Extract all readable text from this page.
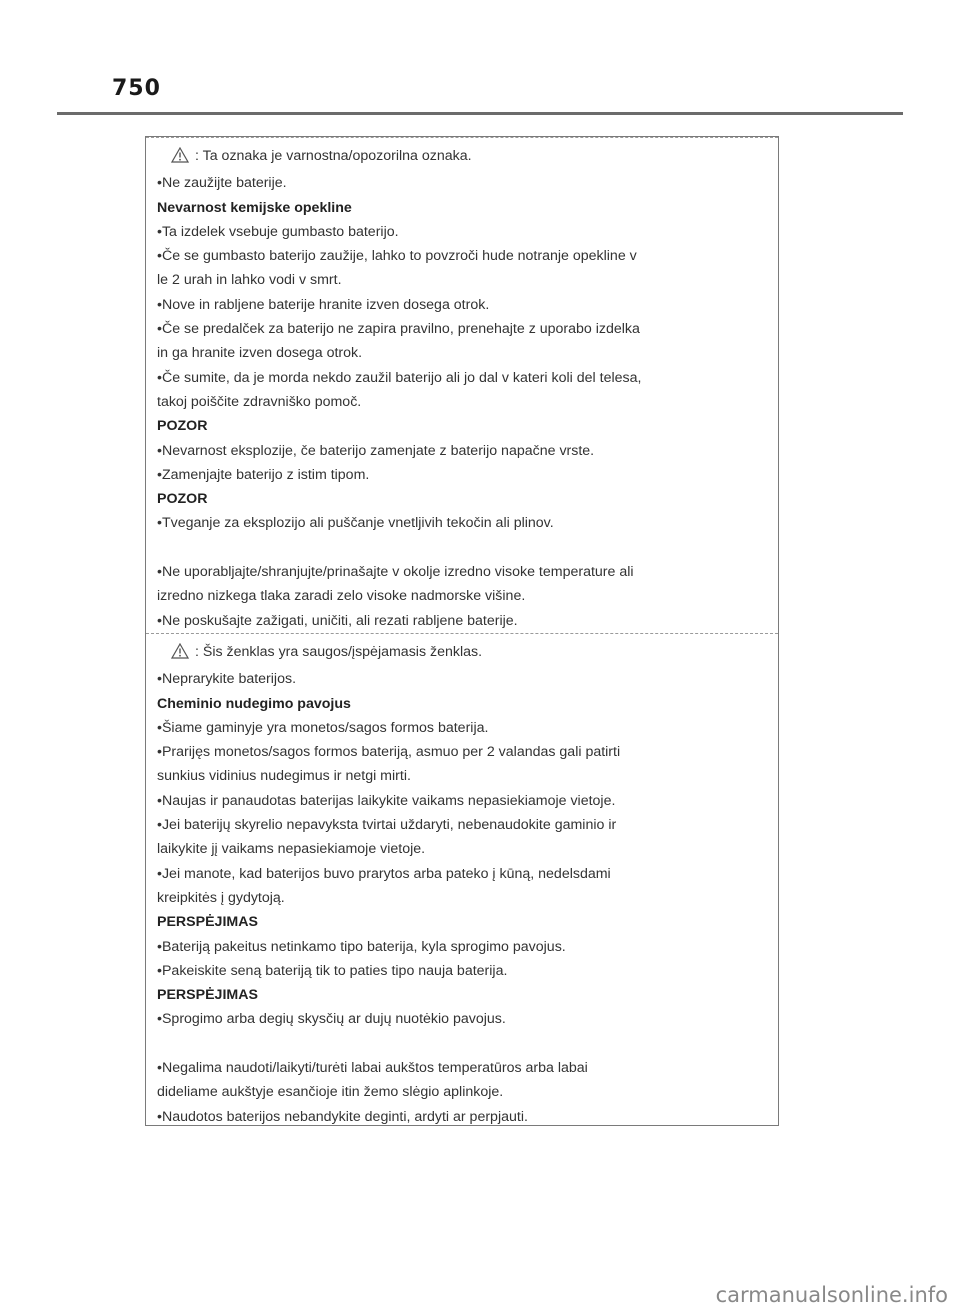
750
: Ta oznaka je varnostna/opozorilna oznaka.
•Ne zaužijte baterije.
Nevarnost kemijske opekline
•Ta izdelek vsebuje gumbasto baterijo.
•Če se gumbasto baterijo zaužije, lahko to povzroči hude notranje opekline v
le 2 urah in lahko vodi v smrt.
•Nove in rabljene baterije hranite izven dosega otrok.
•Če se predalček za baterijo ne zapira pravilno, prenehajte z uporabo izdelka
in ga hranite izven dosega otrok.
•Če sumite, da je morda nekdo zaužil baterijo ali jo dal v kateri koli del telesa,
takoj poiščite zdravniško pomoč.
POZOR
•Nevarnost eksplozije, če baterijo zamenjate z baterijo napačne vrste.
•Zamenjajte baterijo z istim tipom.
POZOR
•Tveganje za eksplozijo ali puščanje vnetljivih tekočin ali plinov.
•Ne uporabljajte/shranjujte/prinašajte v okolje izredno visoke temperature ali
izredno nizkega tlaka zaradi zelo visoke nadmorske višine.
•Ne poskušajte zažigati, uničiti, ali rezati rabljene baterije.
: Šis ženklas yra saugos/įspėjamasis ženklas.
•Neprarykite baterijos.
Cheminio nudegimo pavojus
•Šiame gaminyje yra monetos/sagos formos baterija.
•Prarijęs monetos/sagos formos bateriją, asmuo per 2 valandas gali patirti
sunkius vidinius nudegimus ir netgi mirti.
•Naujas ir panaudotas baterijas laikykite vaikams nepasiekiamoje vietoje.
•Jei baterijų skyrelio nepavyksta tvirtai uždaryti, nebenaudokite gaminio ir
laikykite jį vaikams nepasiekiamoje vietoje.
•Jei manote, kad baterijos buvo prarytos arba pateko į kūną, nedelsdami
kreipkitės į gydytoją.
PERSPĖJIMAS
•Bateriją pakeitus netinkamo tipo baterija, kyla sprogimo pavojus.
•Pakeiskite seną bateriją tik to paties tipo nauja baterija.
PERSPĖJIMAS
•Sprogimo arba degių skysčių ar dujų nuotėkio pavojus.
•Negalima naudoti/laikyti/turėti labai aukštos temperatūros arba labai
dideliame aukštyje esančioje itin žemo slėgio aplinkoje.
•Naudotos baterijos nebandykite deginti, ardyti ar perpjauti.
carmanualsonline.info
